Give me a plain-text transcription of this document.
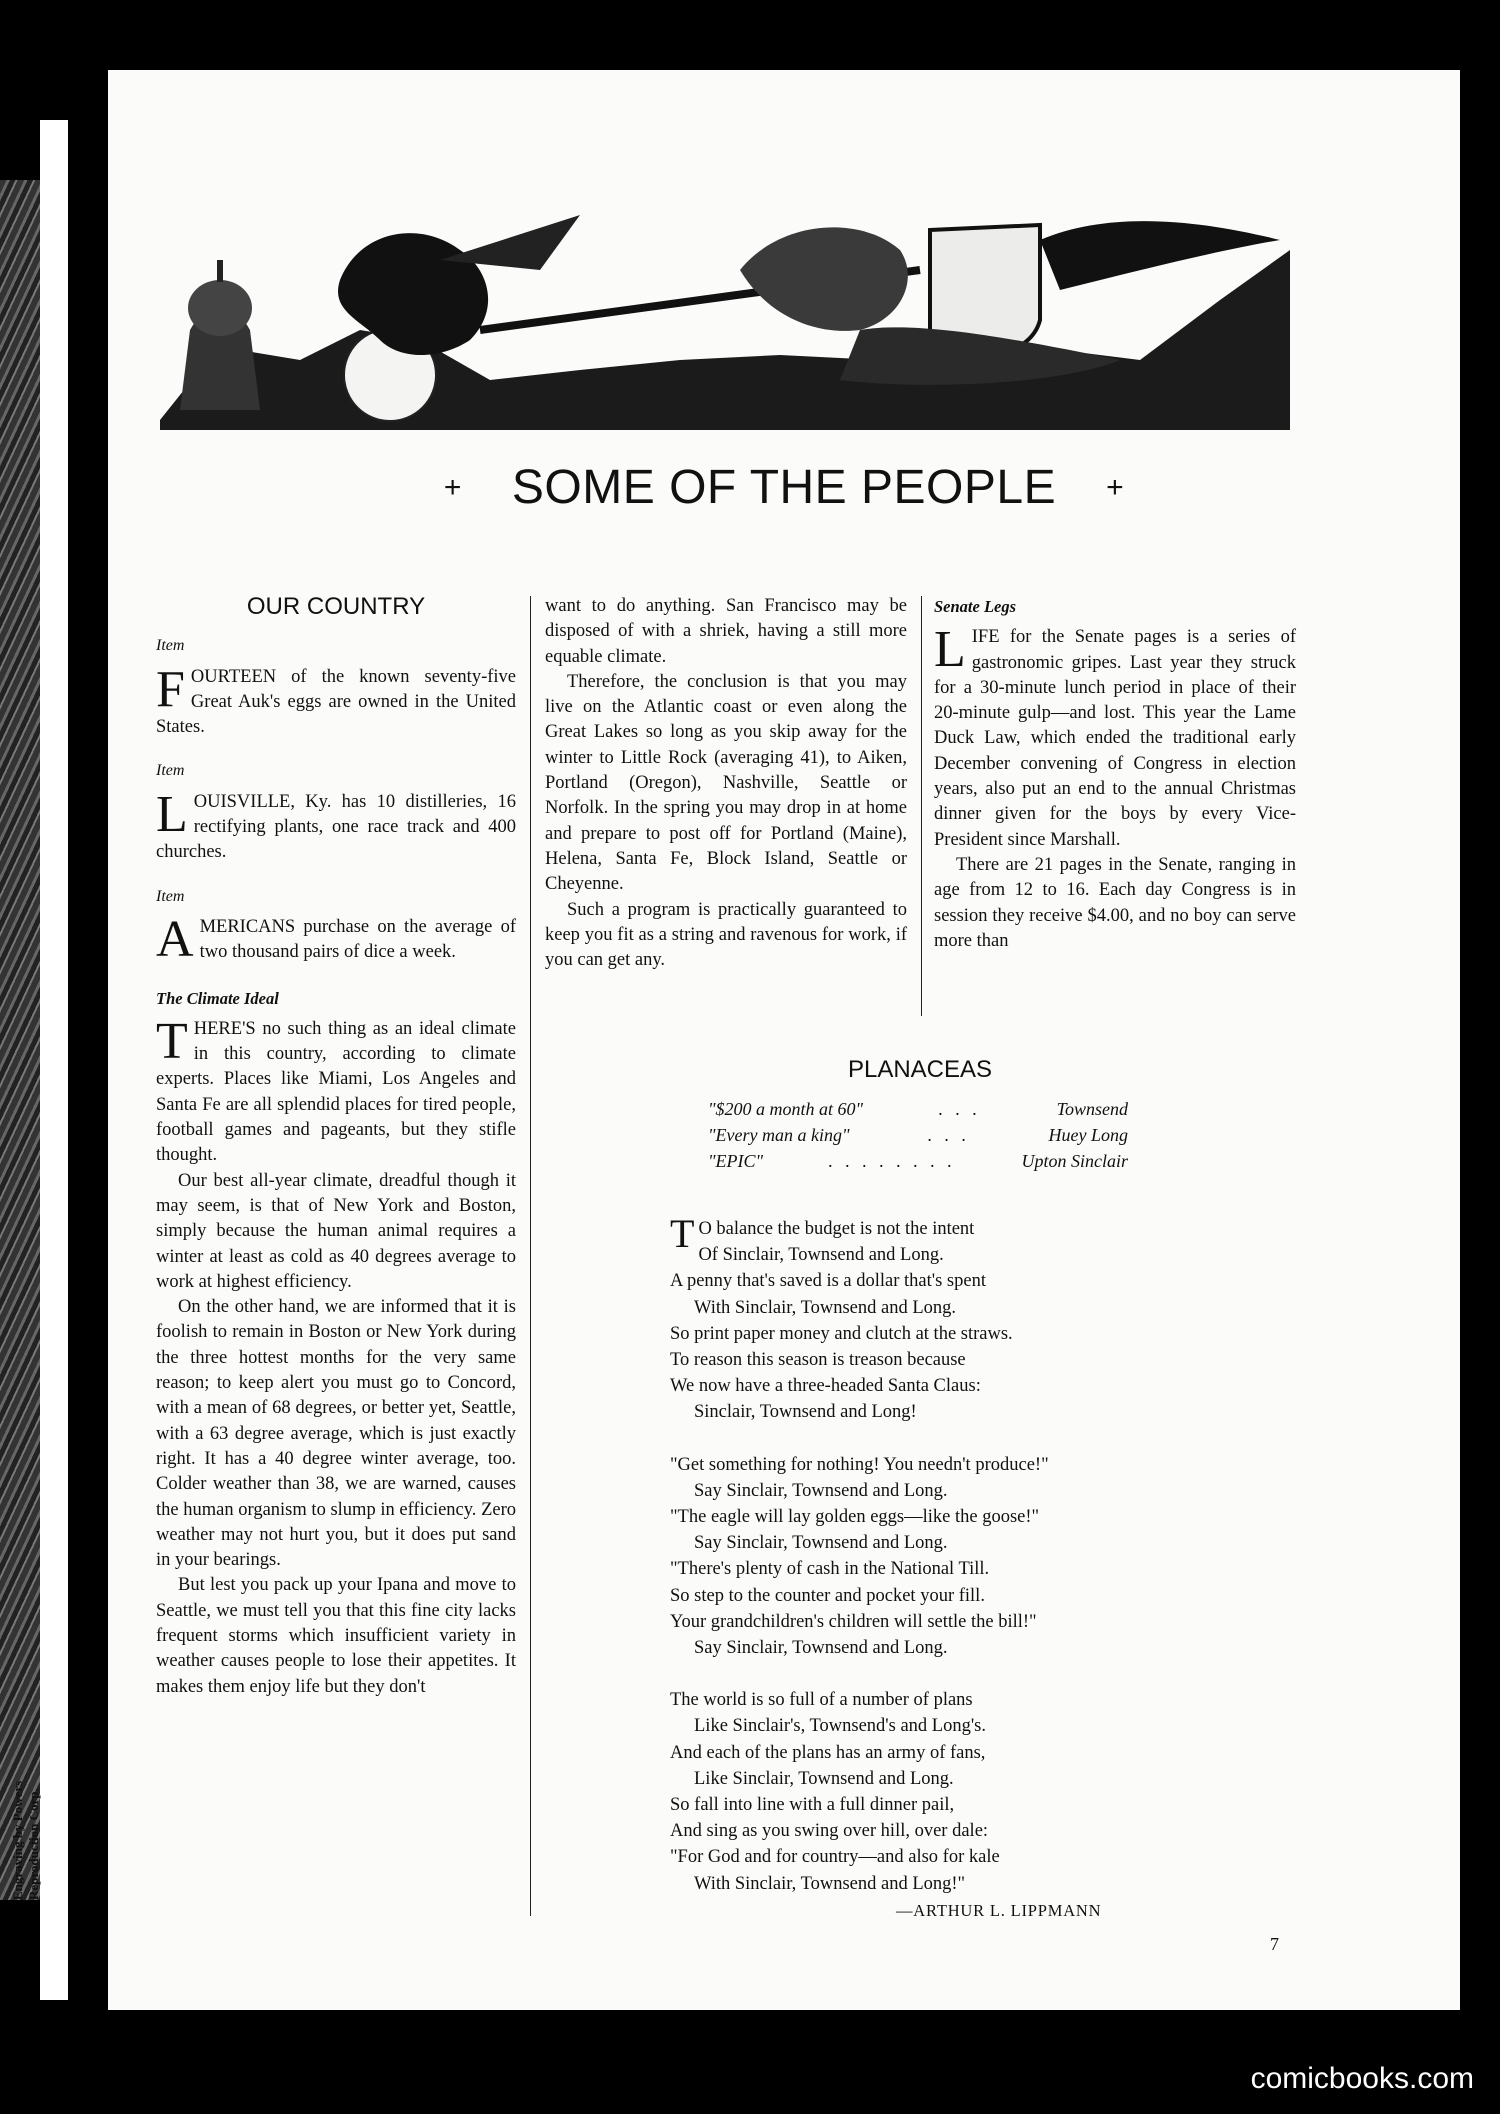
Engraving by Powers Reproduction Corp.
+ SOME OF THE PEOPLE +
OUR COUNTRY
Item

FOURTEEN of the known seventy-five Great Auk's eggs are owned in the United States.

Item

LOUISVILLE, Ky. has 10 distilleries, 16 rectifying plants, one race track and 400 churches.

Item

AMERICANS purchase on the average of two thousand pairs of dice a week.

The Climate Ideal

THERE'S no such thing as an ideal climate in this country, according to climate experts. Places like Miami, Los Angeles and Santa Fe are all splendid places for tired people, football games and pageants, but they stifle thought.

Our best all-year climate, dreadful though it may seem, is that of New York and Boston, simply because the human animal requires a winter at least as cold as 40 degrees average to work at highest efficiency.

On the other hand, we are informed that it is foolish to remain in Boston or New York during the three hottest months for the very same reason; to keep alert you must go to Concord, with a mean of 68 degrees, or better yet, Seattle, with a 63 degree average, which is just exactly right. It has a 40 degree winter average, too. Colder weather than 38, we are warned, causes the human organism to slump in efficiency. Zero weather may not hurt you, but it does put sand in your bearings.

But lest you pack up your Ipana and move to Seattle, we must tell you that this fine city lacks frequent storms which insufficient variety in weather causes people to lose their appetites. It makes them enjoy life but they don't

want to do anything. San Francisco may be disposed of with a shriek, having a still more equable climate.

Therefore, the conclusion is that you may live on the Atlantic coast or even along the Great Lakes so long as you skip away for the winter to Little Rock (averaging 41), to Aiken, Portland (Oregon), Nashville, Seattle or Norfolk. In the spring you may drop in at home and prepare to post off for Portland (Maine), Helena, Santa Fe, Block Island, Seattle or Cheyenne.

Such a program is practically guaranteed to keep you fit as a string and ravenous for work, if you can get any.

Senate Legs

LIFE for the Senate pages is a series of gastronomic gripes. Last year they struck for a 30-minute lunch period in place of their 20-minute gulp—and lost. This year the Lame Duck Law, which ended the traditional early December convening of Congress in election years, also put an end to the annual Christmas dinner given for the boys by every Vice-President since Marshall.

There are 21 pages in the Senate, ranging in age from 12 to 16. Each day Congress is in session they receive $4.00, and no boy can serve more than

PLANACEAS
"$200 a month at 60"	. . .	Townsend
"Every man a king"	. . .	Huey Long
"EPIC"	. . . . . . . .	Upton Sinclair
T O balance the budget is not the intent
Of Sinclair, Townsend and Long.
A penny that's saved is a dollar that's spent
With Sinclair, Townsend and Long.
So print paper money and clutch at the straws.
To reason this season is treason because
We now have a three-headed Santa Claus:
Sinclair, Townsend and Long!
"Get something for nothing! You needn't produce!"
Say Sinclair, Townsend and Long.
"The eagle will lay golden eggs—like the goose!"
Say Sinclair, Townsend and Long.
"There's plenty of cash in the National Till.
So step to the counter and pocket your fill.
Your grandchildren's children will settle the bill!"
Say Sinclair, Townsend and Long.
The world is so full of a number of plans
Like Sinclair's, Townsend's and Long's.
And each of the plans has an army of fans,
Like Sinclair, Townsend and Long.
So fall into line with a full dinner pail,
And sing as you swing over hill, over dale:
"For God and for country—and also for kale
With Sinclair, Townsend and Long!"
—ARTHUR L. LIPPMANN
7
comicbooks.com
